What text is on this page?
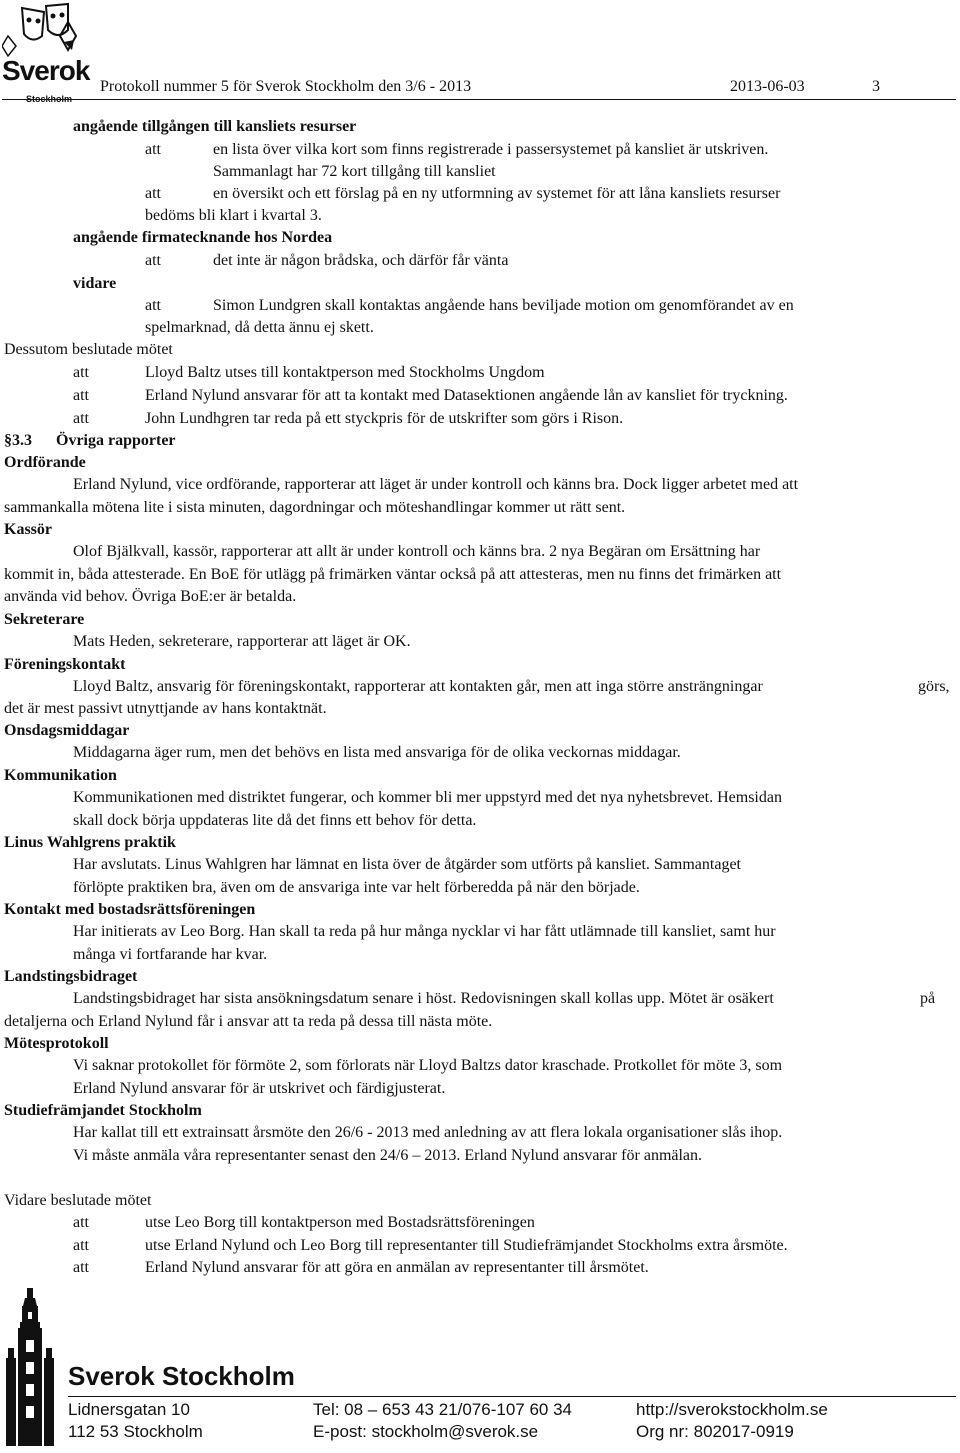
Sverok
Stockholm
Protokoll nummer 5 för Sverok Stockholm den 3/6 - 2013	2013-06-03	3
angående tillgången till kansliets resurser
att	en lista över vilka kort som finns registrerade i passersystemet på kansliet är utskriven.
Sammanlagt har 72 kort tillgång till kansliet
att	en översikt och ett förslag på en ny utformning av systemet för att låna kansliets resurser
bedöms bli klart i kvartal 3.
angående firmatecknande hos Nordea
att	det inte är någon brådska, och därför får vänta
vidare
att	Simon Lundgren skall kontaktas angående hans beviljade motion om genomförandet av en
spelmarknad, då detta ännu ej skett.
Dessutom beslutade mötet
att	Lloyd Baltz utses till kontaktperson med Stockholms Ungdom
att	Erland Nylund ansvarar för att ta kontakt med Datasektionen angående lån av kansliet för tryckning.
att	John Lundhgren tar reda på ett styckpris för de utskrifter som görs i Rison.
§3.3 Övriga rapporter
Ordförande
Erland Nylund, vice ordförande, rapporterar att läget är under kontroll och känns bra. Dock ligger arbetet med att
sammankalla mötena lite i sista minuten, dagordningar och möteshandlingar kommer ut rätt sent.
Kassör
Olof Bjälkvall, kassör, rapporterar att allt är under kontroll och känns bra. 2 nya Begäran om Ersättning har
kommit in, båda attesterade. En BoE för utlägg på frimärken väntar också på att attesteras, men nu finns det frimärken att
använda vid behov. Övriga BoE:er är betalda.
Sekreterare
Mats Heden, sekreterare, rapporterar att läget är OK.
Föreningskontakt
Lloyd Baltz, ansvarig för föreningskontakt, rapporterar att kontakten går, men att inga större ansträngningar	görs,
det är mest passivt utnyttjande av hans kontaktnät.
Onsdagsmiddagar
Middagarna äger rum, men det behövs en lista med ansvariga för de olika veckornas middagar.
Kommunikation
Kommunikationen med distriktet fungerar, och kommer bli mer uppstyrd med det nya nyhetsbrevet. Hemsidan
skall dock börja uppdateras lite då det finns ett behov för detta.
Linus Wahlgrens praktik
Har avslutats. Linus Wahlgren har lämnat en lista över de åtgärder som utförts på kansliet. Sammantaget
förlöpte praktiken bra, även om de ansvariga inte var helt förberedda på när den började.
Kontakt med bostadsrättsföreningen
Har initierats av Leo Borg. Han skall ta reda på hur många nycklar vi har fått utlämnade till kansliet, samt hur
många vi fortfarande har kvar.
Landstingsbidraget
Landstingsbidraget har sista ansökningsdatum senare i höst. Redovisningen skall kollas upp. Mötet är osäkert	på
detaljerna och Erland Nylund får i ansvar att ta reda på dessa till nästa möte.
Mötesprotokoll
Vi saknar protokollet för förmöte 2, som förlorats när Lloyd Baltzs dator kraschade. Protkollet för möte 3, som
Erland Nylund ansvarar för är utskrivet och färdigjusterat.
Studiefrämjandet Stockholm
Har kallat till ett extrainsatt årsmöte den 26/6 - 2013 med anledning av att flera lokala organisationer slås ihop.
Vi måste anmäla våra representanter senast den 24/6 – 2013. Erland Nylund ansvarar för anmälan.
Vidare beslutade mötet
att	utse Leo Borg till kontaktperson med Bostadsrättsföreningen
att	utse Erland Nylund och Leo Borg till representanter till Studiefrämjandet Stockholms extra årsmöte.
att	Erland Nylund ansvarar för att göra en anmälan av representanter till årsmötet.
Sverok Stockholm
Lidnersgatan 10
112 53 Stockholm
Tel: 08 – 653 43 21/076-107 60 34
E-post: stockholm@sverok.se
http://sverokstockholm.se
Org nr: 802017-0919
